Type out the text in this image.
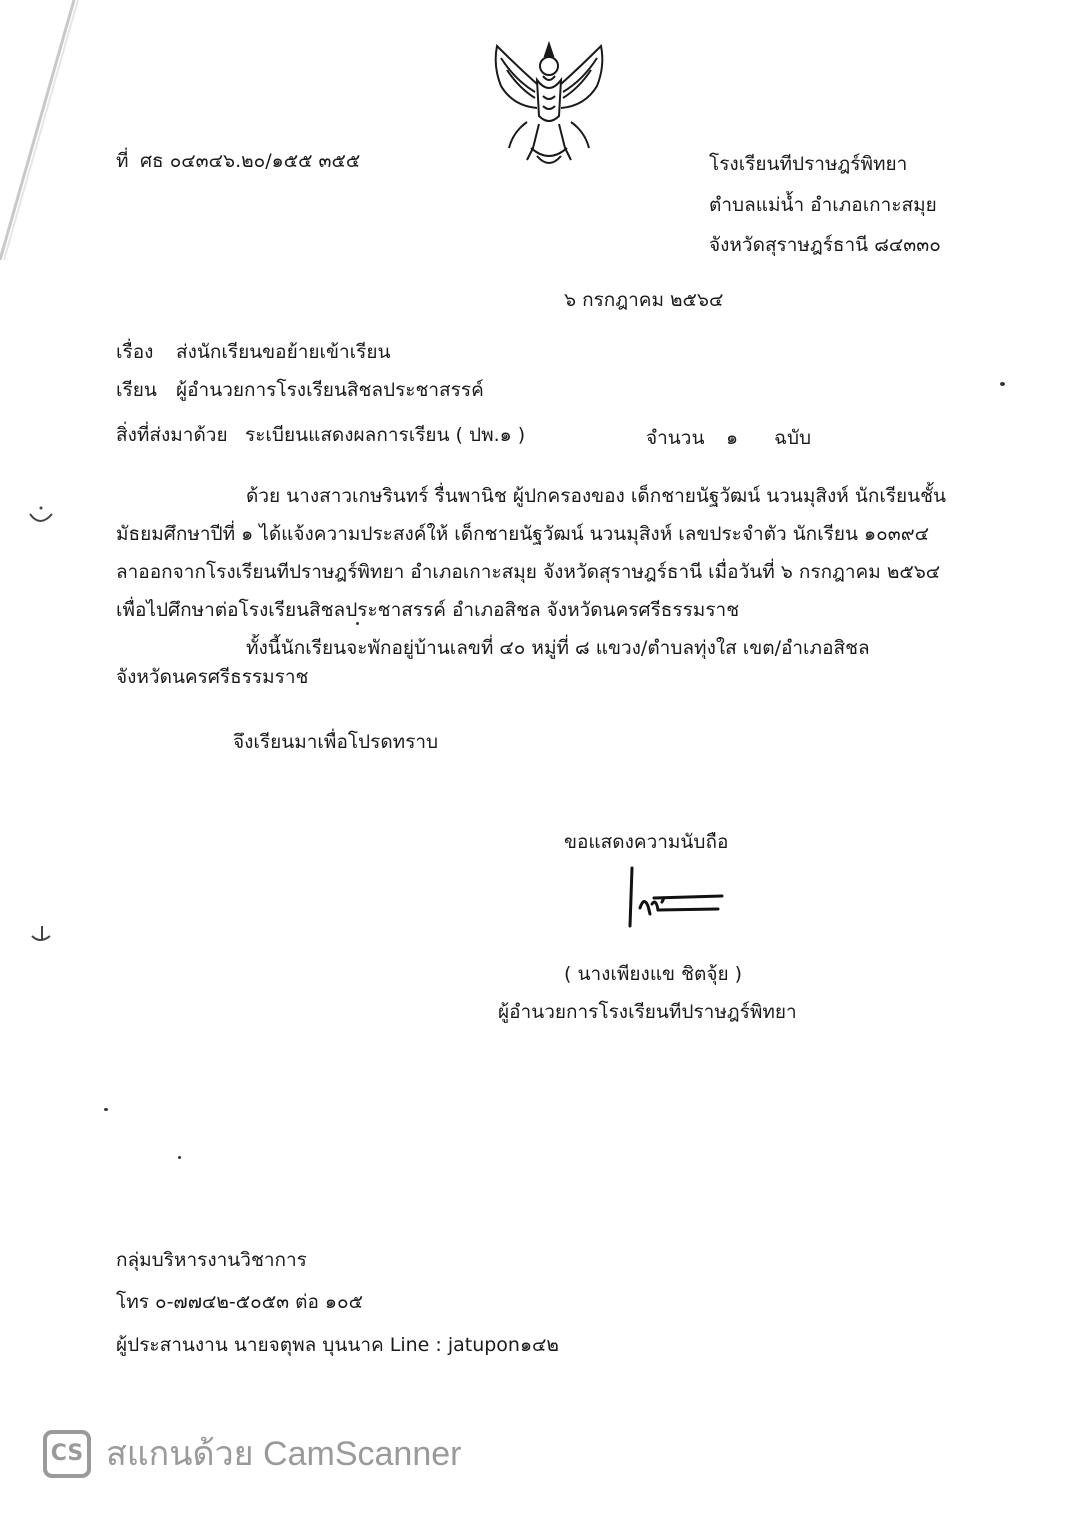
ที่ ศธ ๐๔๓๔๖.๒๐/๑๕๕ ๓๕๕	โรงเรียนทีปราษฎร์พิทยา
ตำบลแม่น้ำ อำเภอเกาะสมุย
จังหวัดสุราษฎร์ธานี ๘๔๓๓๐
๖ กรกฎาคม ๒๕๖๔
เรื่อง ส่งนักเรียนขอย้ายเข้าเรียน
เรียน ผู้อำนวยการโรงเรียนสิชลประชาสรรค์
สิ่งที่ส่งมาด้วย ระเบียนแสดงผลการเรียน ( ปพ.๑ )	จำนวน ๑ ฉบับ
ด้วย นางสาวเกษรินทร์ รื่นพานิช ผู้ปกครองของ เด็กชายนัฐวัฒน์ นวนมุสิงห์ นักเรียนชั้น
มัธยมศึกษาปีที่ ๑ ได้แจ้งความประสงค์ให้ เด็กชายนัฐวัฒน์ นวนมุสิงห์ เลขประจำตัว นักเรียน ๑๐๓๙๔
ลาออกจากโรงเรียนทีปราษฎร์พิทยา อำเภอเกาะสมุย จังหวัดสุราษฎร์ธานี เมื่อวันที่ ๖ กรกฎาคม ๒๕๖๔
เพื่อไปศึกษาต่อโรงเรียนสิชลประชาสรรค์ อำเภอสิชล จังหวัดนครศรีธรรมราช
ทั้งนี้นักเรียนจะพักอยู่บ้านเลขที่ ๔๐ หมู่ที่ ๘ แขวง/ตำบลทุ่งใส เขต/อำเภอสิชล
จังหวัดนครศรีธรรมราช
จึงเรียนมาเพื่อโปรดทราบ
ขอแสดงความนับถือ
( นางเพียงแข ชิตจุ้ย )
ผู้อำนวยการโรงเรียนทีปราษฎร์พิทยา
กลุ่มบริหารงานวิชาการ
โทร ๐-๗๗๔๒-๕๐๕๓ ต่อ ๑๐๕
ผู้ประสานงาน นายจตุพล บุนนาค Line : jatupon๑๔๒
CS สแกนด้วย CamScanner
